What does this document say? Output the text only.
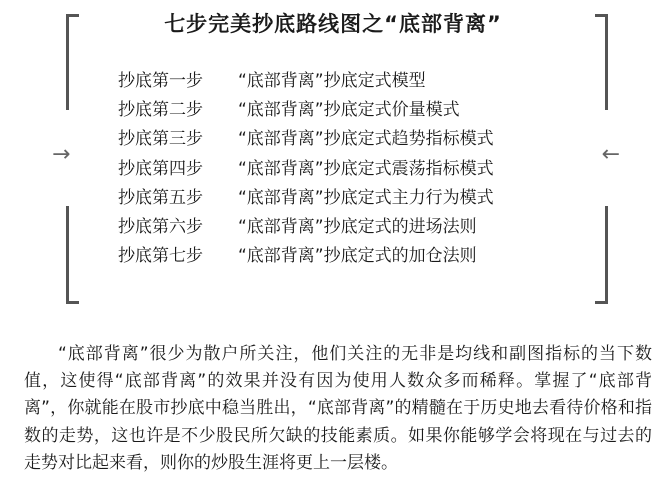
→	←
七步完美抄底路线图之“底部背离”
抄底第一步	“底部背离”抄底定式模型
抄底第二步	“底部背离”抄底定式价量模式
抄底第三步	“底部背离”抄底定式趋势指标模式
抄底第四步	“底部背离”抄底定式震荡指标模式
抄底第五步	“底部背离”抄底定式主力行为模式
抄底第六步	“底部背离”抄底定式的进场法则
抄底第七步	“底部背离”抄底定式的加仓法则

“底部背离”很少为散户所关注，他们关注的无非是均线和副图指标的当下数值，这使得“底部背离”的效果并没有因为使用人数众多而稀释。掌握了“底部背离”，你就能在股市抄底中稳当胜出，“底部背离”的精髓在于历史地去看待价格和指数的走势，这也许是不少股民所欠缺的技能素质。如果你能够学会将现在与过去的走势对比起来看，则你的炒股生涯将更上一层楼。
